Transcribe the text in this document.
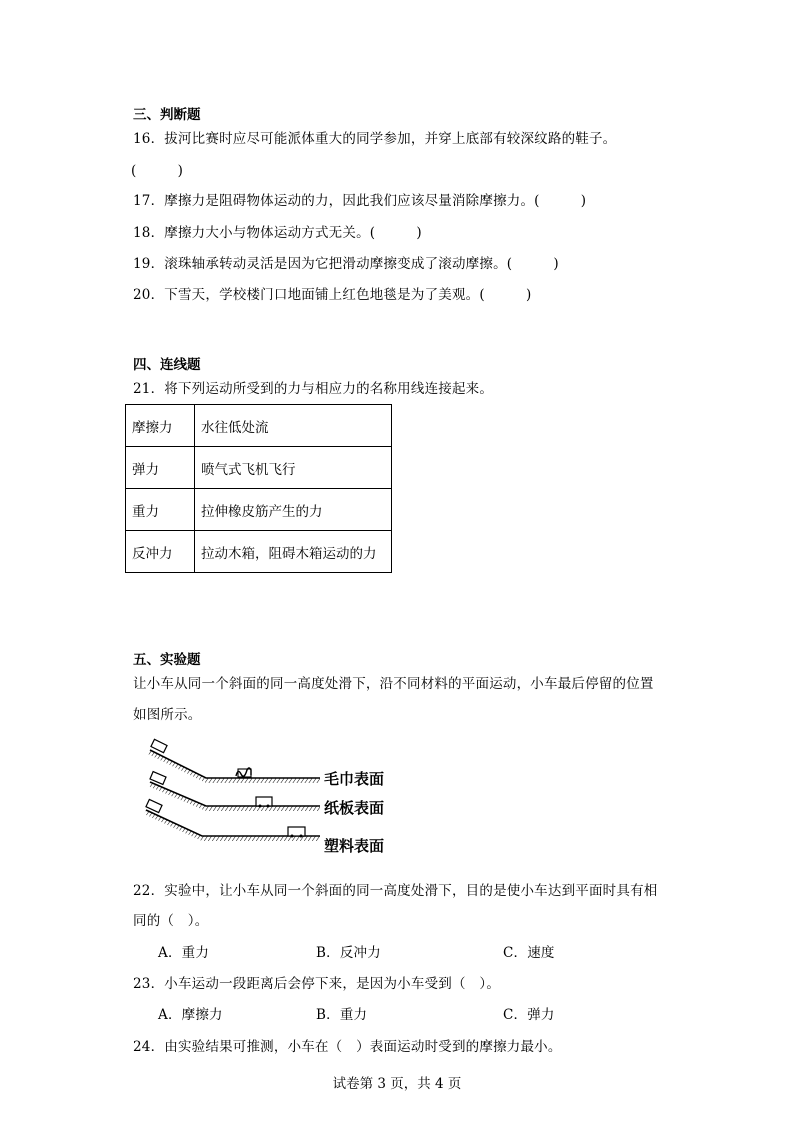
三、判断题
16．拔河比赛时应尽可能派体重大的同学参加，并穿上底部有较深纹路的鞋子。
(　　　)
17．摩擦力是阻碍物体运动的力，因此我们应该尽量消除摩擦力。(　　　)
18．摩擦力大小与物体运动方式无关。(　　　)
19．滚珠轴承转动灵活是因为它把滑动摩擦变成了滚动摩擦。(　　　)
20．下雪天，学校楼门口地面铺上红色地毯是为了美观。(　　　)
四、连线题
21．将下列运动所受到的力与相应力的名称用线连接起来。
摩擦力	水往低处流
弹力	喷气式飞机飞行
重力	拉伸橡皮筋产生的力
反冲力	拉动木箱，阻碍木箱运动的力
五、实验题
让小车从同一个斜面的同一高度处滑下，沿不同材料的平面运动，小车最后停留的位置
如图所示。
毛巾表面
纸板表面
塑料表面
22．实验中，让小车从同一个斜面的同一高度处滑下，目的是使小车达到平面时具有相
同的（　）。
A．重力	B．反冲力	C．速度
23．小车运动一段距离后会停下来，是因为小车受到（　）。
A．摩擦力	B．重力	C．弹力
24．由实验结果可推测，小车在（　）表面运动时受到的摩擦力最小。
试卷第 3 页，共 4 页
